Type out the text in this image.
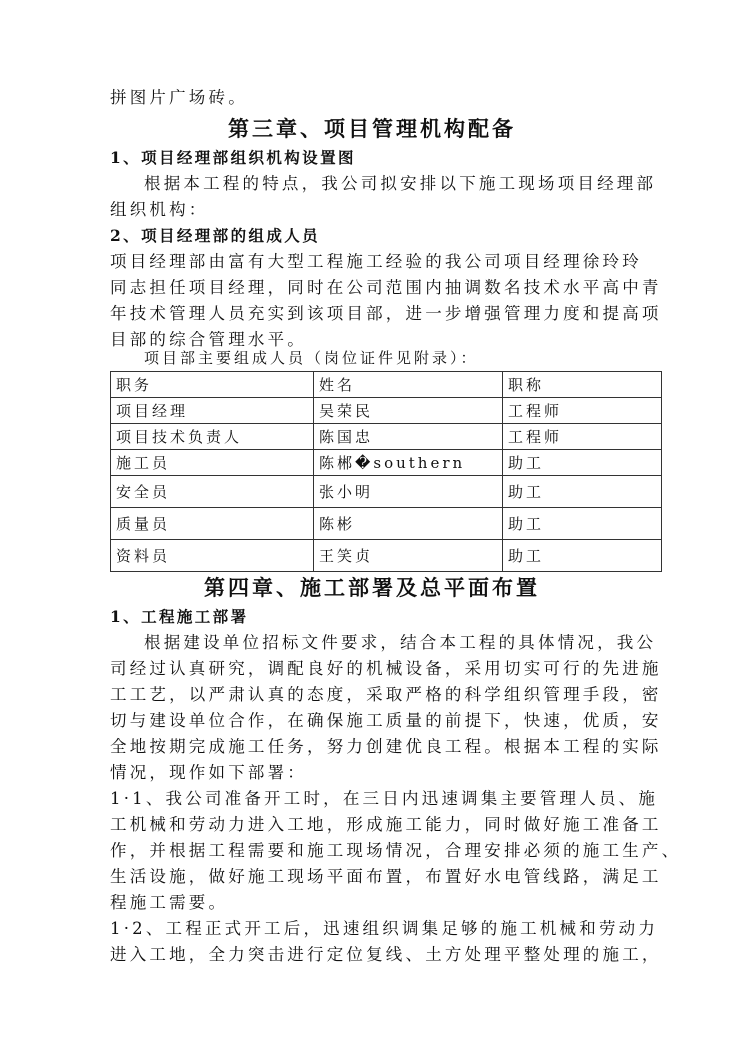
拼图片广场砖。
第三章、项目管理机构配备
1、项目经理部组织机构设置图
根据本工程的特点，我公司拟安排以下施工现场项目经理部
组织机构：
2、项目经理部的组成人员
项目经理部由富有大型工程施工经验的我公司项目经理徐玲玲
同志担任项目经理，同时在公司范围内抽调数名技术水平高中青
年技术管理人员充实到该项目部，进一步增强管理力度和提高项
目部的综合管理水平。
项目部主要组成人员（岗位证件见附录）：
职务	姓名	职称
项目经理	吴荣民	工程师
项目技术负责人	陈国忠	工程师
施工员	陈郴�southern	助工
安全员	张小明	助工
质量员	陈彬	助工
资料员	王笑贞	助工
第四章、施工部署及总平面布置
1、工程施工部署
根据建设单位招标文件要求，结合本工程的具体情况，我公
司经过认真研究，调配良好的机械设备，采用切实可行的先进施
工工艺，以严肃认真的态度，采取严格的科学组织管理手段，密
切与建设单位合作，在确保施工质量的前提下，快速，优质，安
全地按期完成施工任务，努力创建优良工程。根据本工程的实际
情况，现作如下部署：
1·1、我公司准备开工时，在三日内迅速调集主要管理人员、施
工机械和劳动力进入工地，形成施工能力，同时做好施工准备工
作，并根据工程需要和施工现场情况，合理安排必须的施工生产、
生活设施，做好施工现场平面布置，布置好水电管线路，满足工
程施工需要。
1·2、工程正式开工后，迅速组织调集足够的施工机械和劳动力
进入工地，全力突击进行定位复线、土方处理平整处理的施工，
